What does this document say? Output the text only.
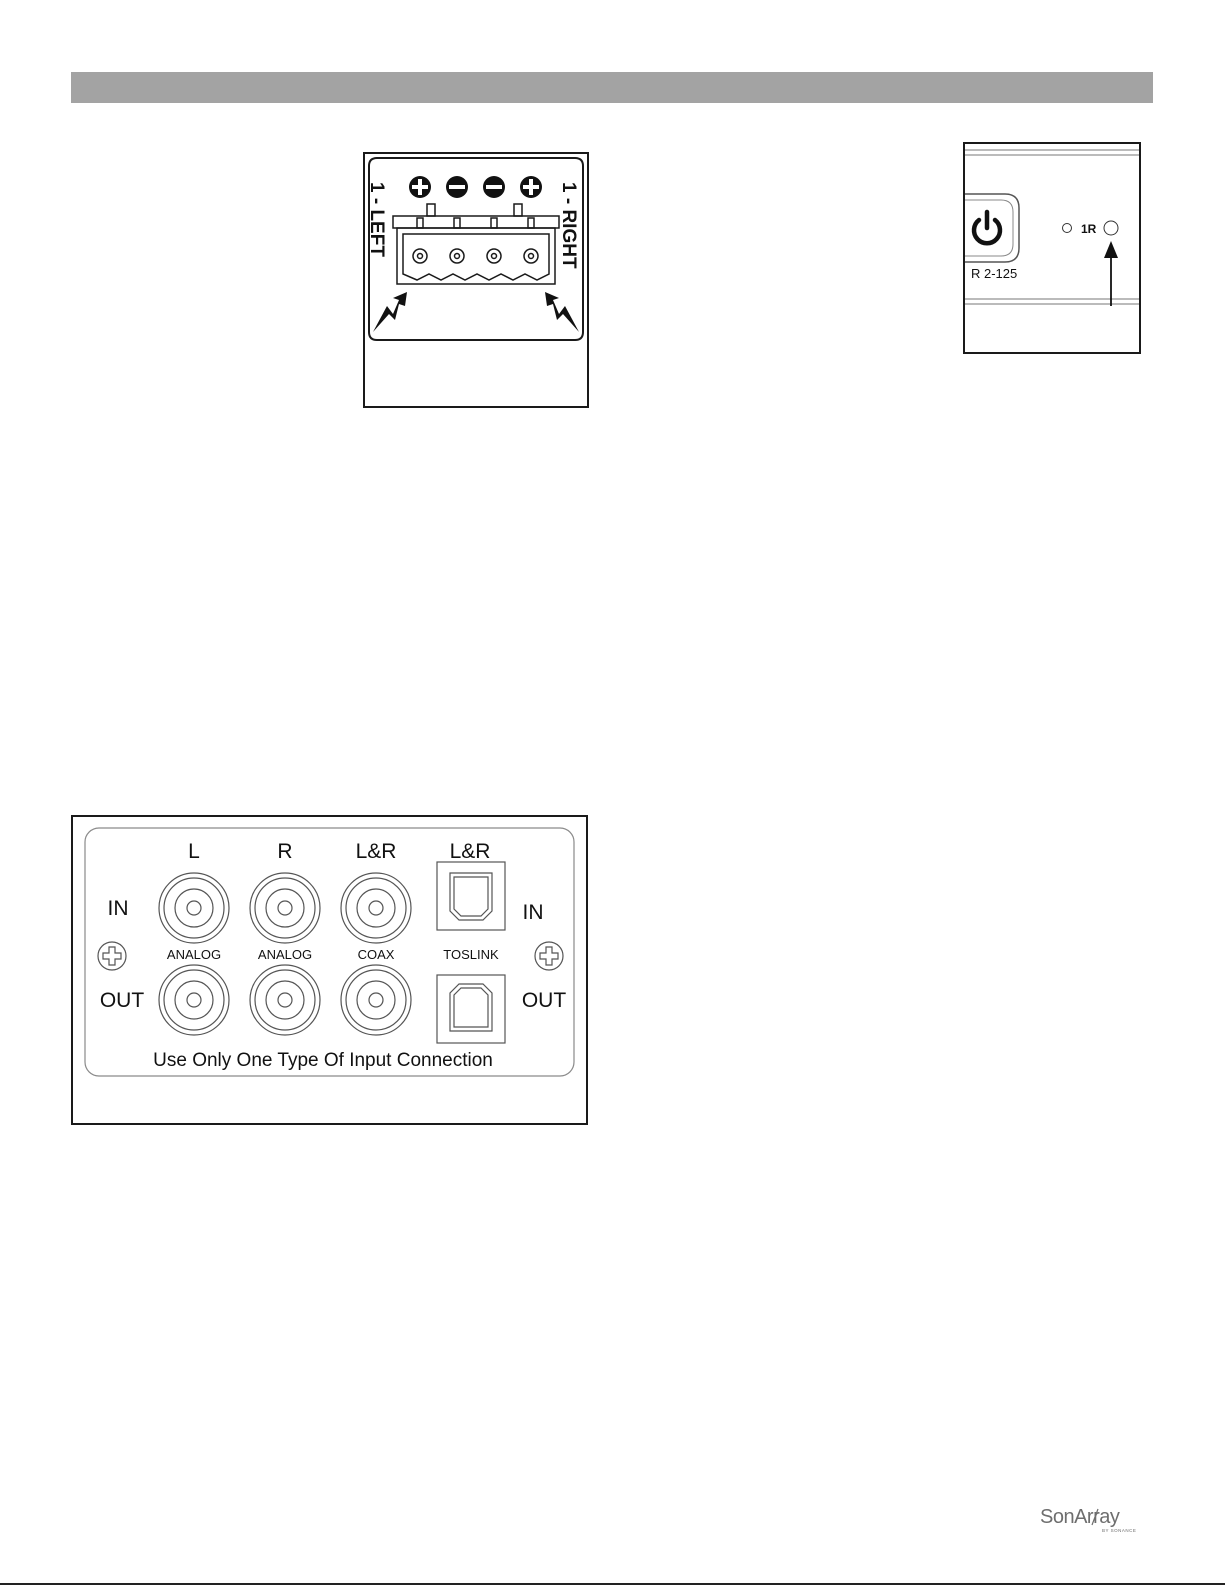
1 - LEFT	1 - RIGHT
R 2-125
1R
L	R	L&R	L&R
IN	IN
OUT	OUT
ANALOG	ANALOG	COAX	TOSLINK
Use Only One Type Of Input Connection
SonArray
BY SONANCE
